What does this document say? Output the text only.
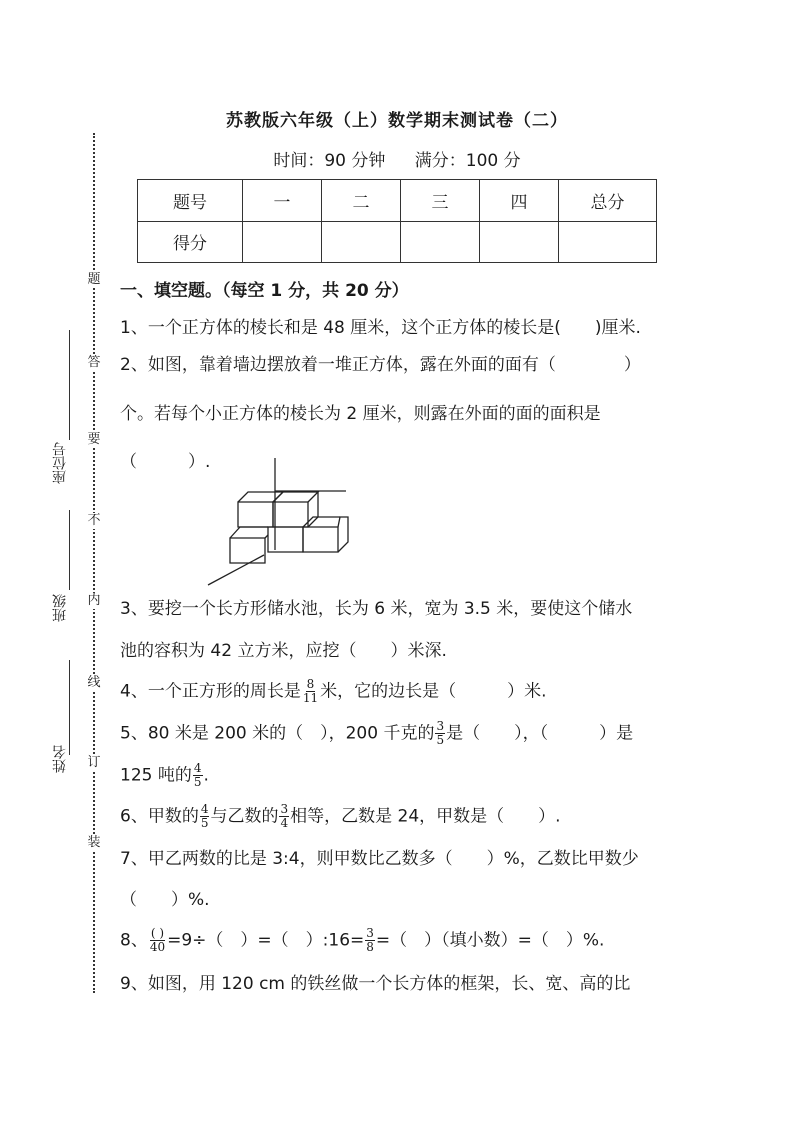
题
答
要
不
内
线
订
装
座位号
班级
姓名
苏教版六年级（上）数学期末测试卷（二）
时间：90 分钟 满分：100 分
题号	一	二	三	四	总分
得分					
一、填空题。（每空 1 分，共 20 分）
1、一个正方体的棱长和是 48 厘米，这个正方体的棱长是(　　)厘米.
2、如图，靠着墙边摆放着一堆正方体，露在外面的面有（　　　　）
个。若每个小正方体的棱长为 2 厘米，则露在外面的面的面积是
（　　　）.
3、要挖一个长方形储水池，长为 6 米，宽为 3.5 米，要使这个储水
池的容积为 42 立方米，应挖（　　）米深.
4、一个正方形的周长是 $\frac{8}{11}$ 米，它的边长是（　　　）米.
5、80 米是 200 米的（　），200 千克的 $\frac{3}{5}$ 是（　　），（　　　）是
125 吨的 $\frac{4}{5}$ .
6、甲数的 $\frac{4}{5}$ 与乙数的 $\frac{3}{4}$ 相等，乙数是 24，甲数是（　　）.
7、甲乙两数的比是 3:4，则甲数比乙数多（　　）%，乙数比甲数少
（　　）%.
8、 $\frac{( )}{40} =9\div$（　）=（　）:16= $\frac{3}{8}$ =（　）（填小数）=（　）%.
9、如图，用 120 cm 的铁丝做一个长方体的框架，长、宽、高的比
